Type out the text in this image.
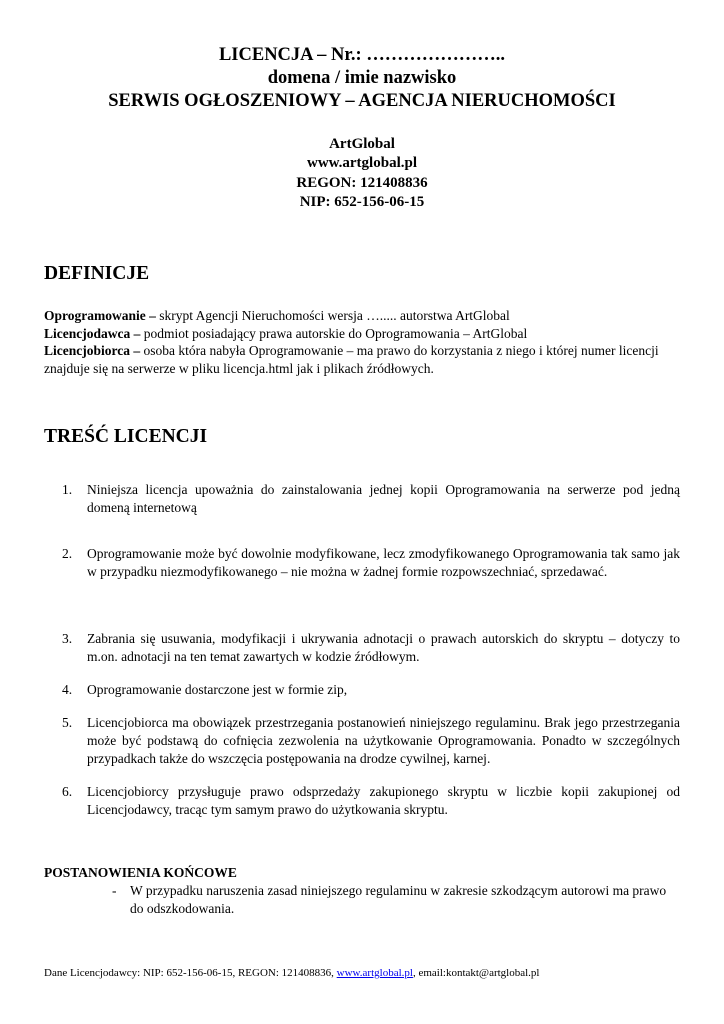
LICENCJA – Nr.: …………………..
domena / imie nazwisko
SERWIS OGŁOSZENIOWY – AGENCJA NIERUCHOMOŚCI
ArtGlobal
www.artglobal.pl
REGON: 121408836
NIP: 652-156-06-15
DEFINICJE

Oprogramowanie – skrypt Agencji Nieruchomości wersja …..... autorstwa ArtGlobal

Licencjodawca – podmiot posiadający prawa autorskie do Oprogramowania – ArtGlobal

Licencjobiorca – osoba która nabyła Oprogramowanie – ma prawo do korzystania z niego i której numer licencji znajduje się na serwerze w pliku licencja.html jak i plikach źródłowych.

TREŚĆ LICENCJI
1.	Niniejsza licencja upoważnia do zainstalowania jednej kopii Oprogramowania na serwerze pod jedną domeną internetową
2.	Oprogramowanie może być dowolnie modyfikowane, lecz zmodyfikowanego Oprogramowania tak samo jak w przypadku niezmodyfikowanego – nie można w żadnej formie rozpowszechniać, sprzedawać.
3.	Zabrania się usuwania, modyfikacji i ukrywania adnotacji o prawach autorskich do skryptu – dotyczy to m.on. adnotacji na ten temat zawartych w kodzie źródłowym.
4.	Oprogramowanie dostarczone jest w formie zip,
5.	Licencjobiorca ma obowiązek przestrzegania postanowień niniejszego regulaminu. Brak jego przestrzegania może być podstawą do cofnięcia zezwolenia na użytkowanie Oprogramowania. Ponadto w szczególnych przypadkach także do wszczęcia postępowania na drodze cywilnej, karnej.
6.	Licencjobiorcy przysługuje prawo odsprzedaży zakupionego skryptu w liczbie kopii zakupionej od Licencjodawcy, tracąc tym samym prawo do użytkowania skryptu.
POSTANOWIENIA KOŃCOWE
- W przypadku naruszenia zasad niniejszego regulaminu w zakresie szkodzącym autorowi ma prawo do odszkodowania.
Dane Licencjodawcy: NIP: 652-156-06-15, REGON: 121408836, www.artglobal.pl, email:kontakt@artglobal.pl
